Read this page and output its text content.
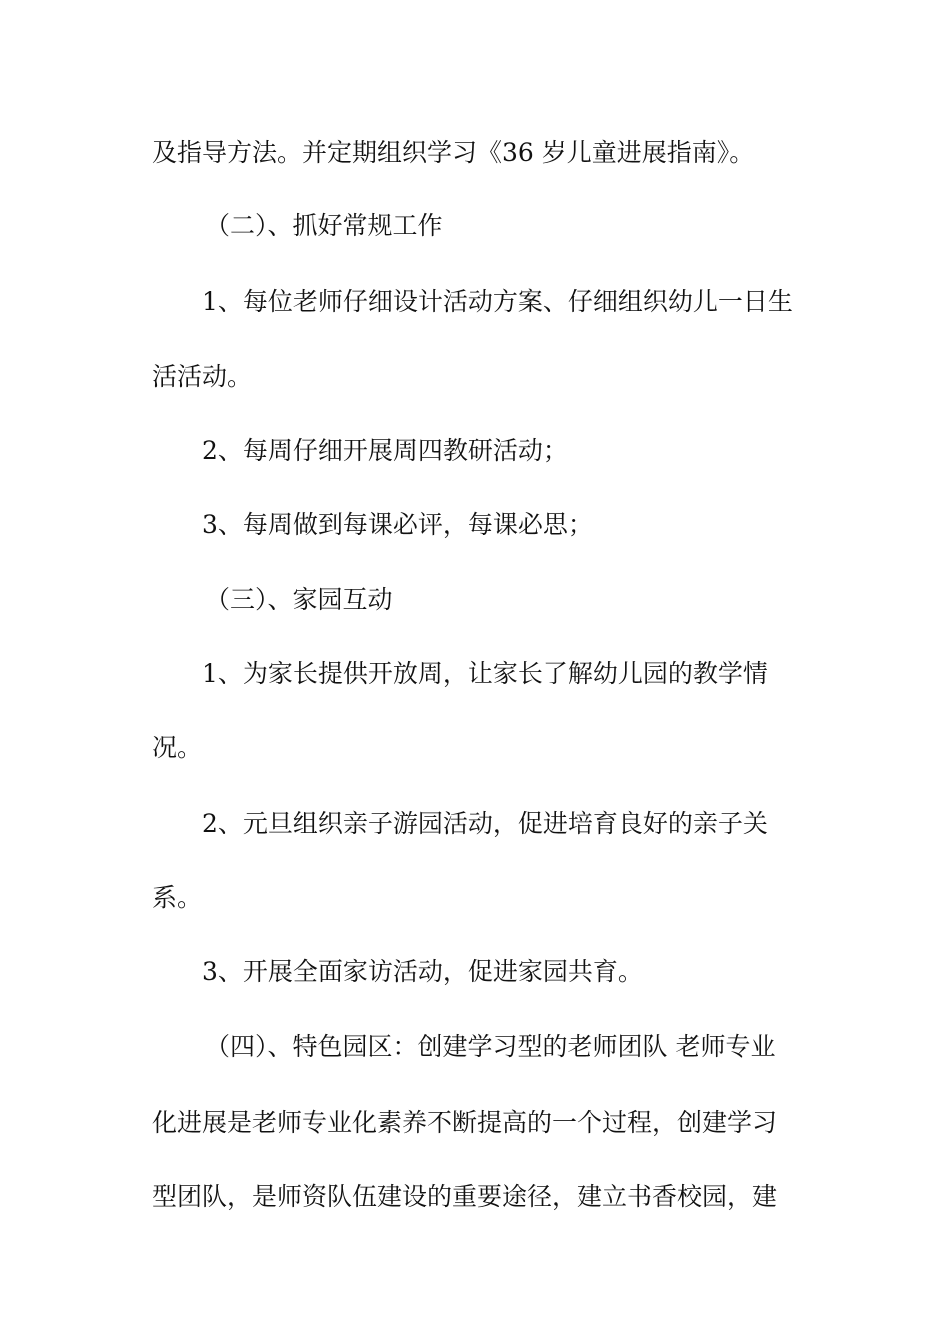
及指导方法。并定期组织学习《36 岁儿童进展指南》。
（二）、抓好常规工作
1、每位老师仔细设计活动方案、仔细组织幼儿一日生
活活动。
2、每周仔细开展周四教研活动；
3、每周做到每课必评，每课必思；
（三）、家园互动
1、为家长提供开放周，让家长了解幼儿园的教学情
况。
2、元旦组织亲子游园活动，促进培育良好的亲子关
系。
3、开展全面家访活动，促进家园共育。
（四）、特色园区：创建学习型的老师团队 老师专业
化进展是老师专业化素养不断提高的一个过程，创建学习
型团队，是师资队伍建设的重要途径，建立书香校园，建
